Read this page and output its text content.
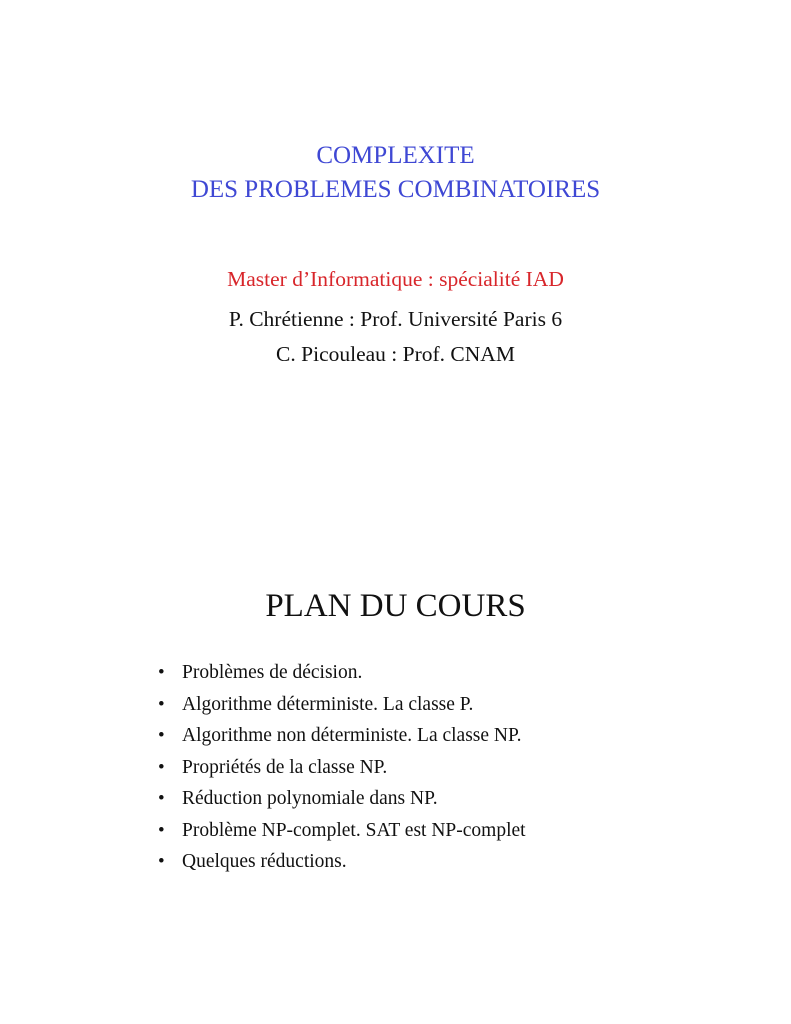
COMPLEXITE
DES PROBLEMES COMBINATOIRES
Master d’Informatique : spécialité IAD
P. Chrétienne : Prof. Université Paris 6
C. Picouleau : Prof. CNAM
PLAN DU COURS
• Problèmes de décision.
• Algorithme déterministe. La classe P.
• Algorithme non déterministe. La classe NP.
• Propriétés de la classe NP.
• Réduction polynomiale dans NP.
• Problème NP-complet. SAT est NP-complet
• Quelques réductions.
